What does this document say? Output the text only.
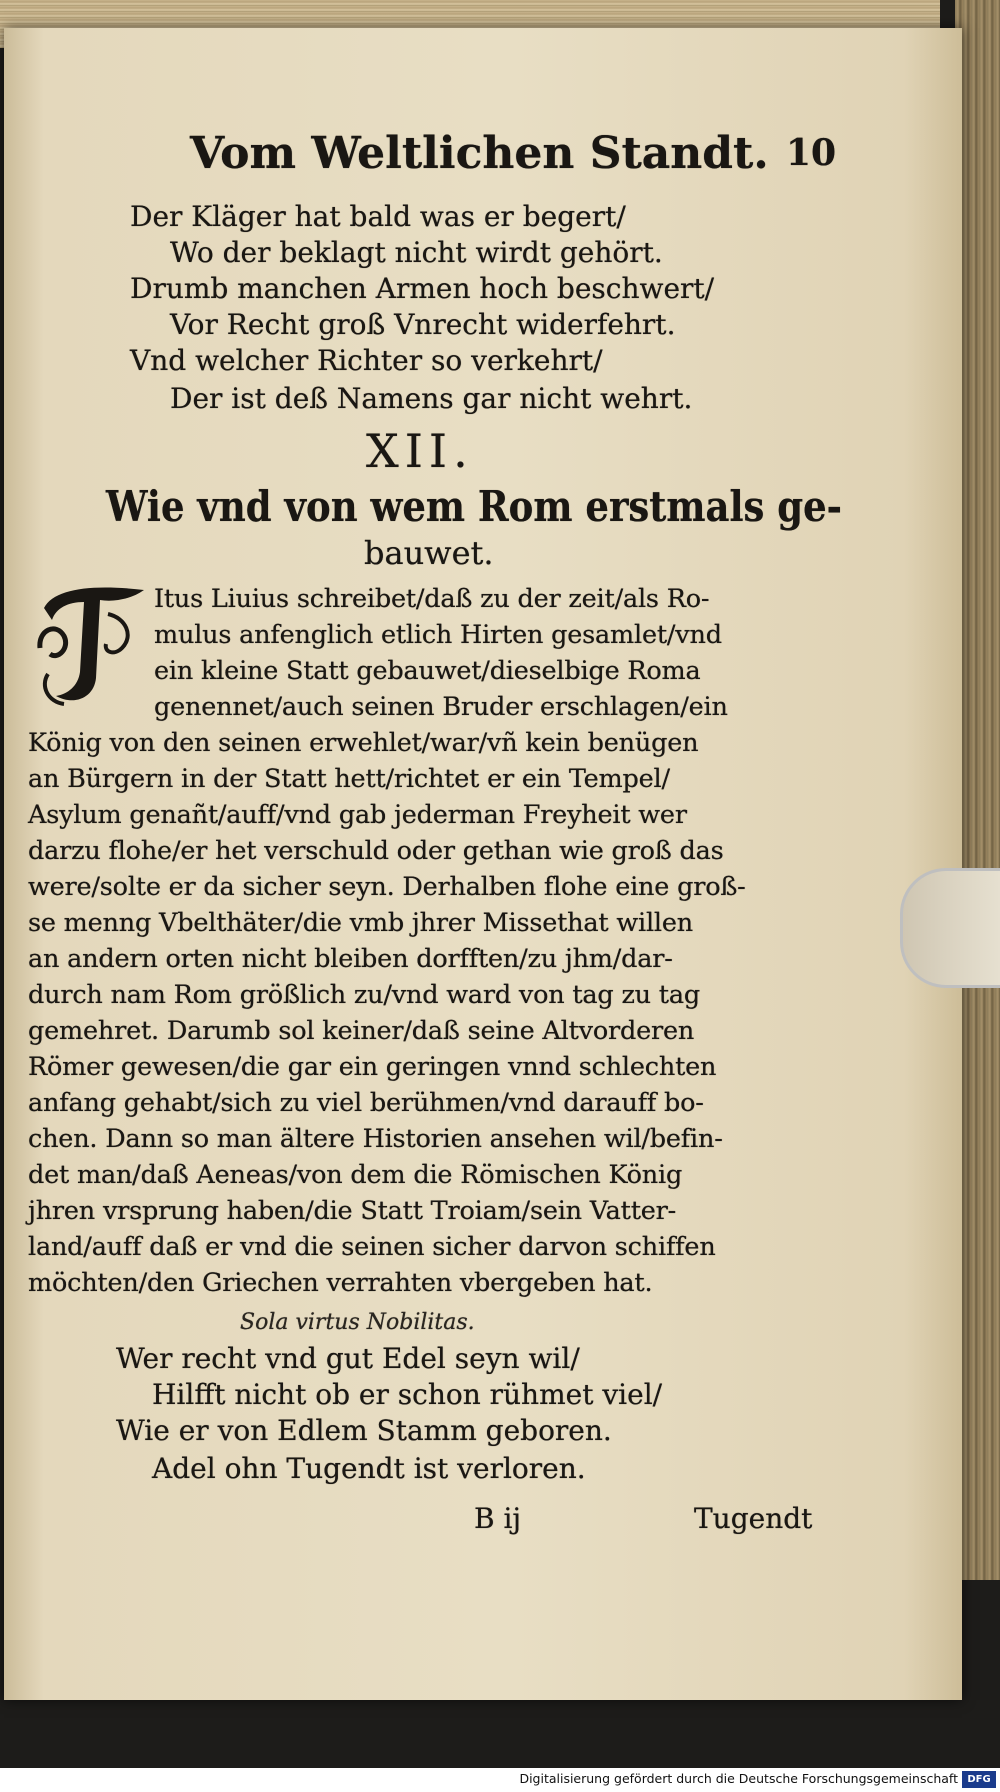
Vom Weltlichen Standt. 10
Der Kläger hat bald was er begert/
Wo der beklagt nicht wirdt gehört.
Drumb manchen Armen hoch beschwert/
Vor Recht groß Vnrecht widerfehrt.
Vnd welcher Richter so verkehrt/
Der ist deß Namens gar nicht wehrt.
XII.
Wie vnd von wem Rom erstmals ge-
bauwet.
Itus Liuius schreibet/daß zu der zeit/als Ro-
mulus anfenglich etlich Hirten gesamlet/vnd
ein kleine Statt gebauwet/dieselbige Roma
genennet/auch seinen Bruder erschlagen/ein
König von den seinen erwehlet/war/vñ kein benügen
an Bürgern in der Statt hett/richtet er ein Tempel/
Asylum genañt/auff/vnd gab jederman Freyheit wer
darzu flohe/er het verschuld oder gethan wie groß das
were/solte er da sicher seyn. Derhalben flohe eine groß-
se menng Vbelthäter/die vmb jhrer Missethat willen
an andern orten nicht bleiben dorfften/zu jhm/dar-
durch nam Rom größlich zu/vnd ward von tag zu tag
gemehret. Darumb sol keiner/daß seine Altvorderen
Römer gewesen/die gar ein geringen vnnd schlechten
anfang gehabt/sich zu viel berühmen/vnd darauff bo-
chen. Dann so man ältere Historien ansehen wil/befin-
det man/daß Aeneas/von dem die Römischen König
jhren vrsprung haben/die Statt Troiam/sein Vatter-
land/auff daß er vnd die seinen sicher darvon schiffen
möchten/den Griechen verrahten vbergeben hat.
Sola virtus Nobilitas.
Wer recht vnd gut Edel seyn wil/
Hilfft nicht ob er schon rühmet viel/
Wie er von Edlem Stamm geboren.
Adel ohn Tugendt ist verloren.
B ij	Tugendt
Digitalisierung gefördert durch die Deutsche Forschungsgemeinschaft DFG
